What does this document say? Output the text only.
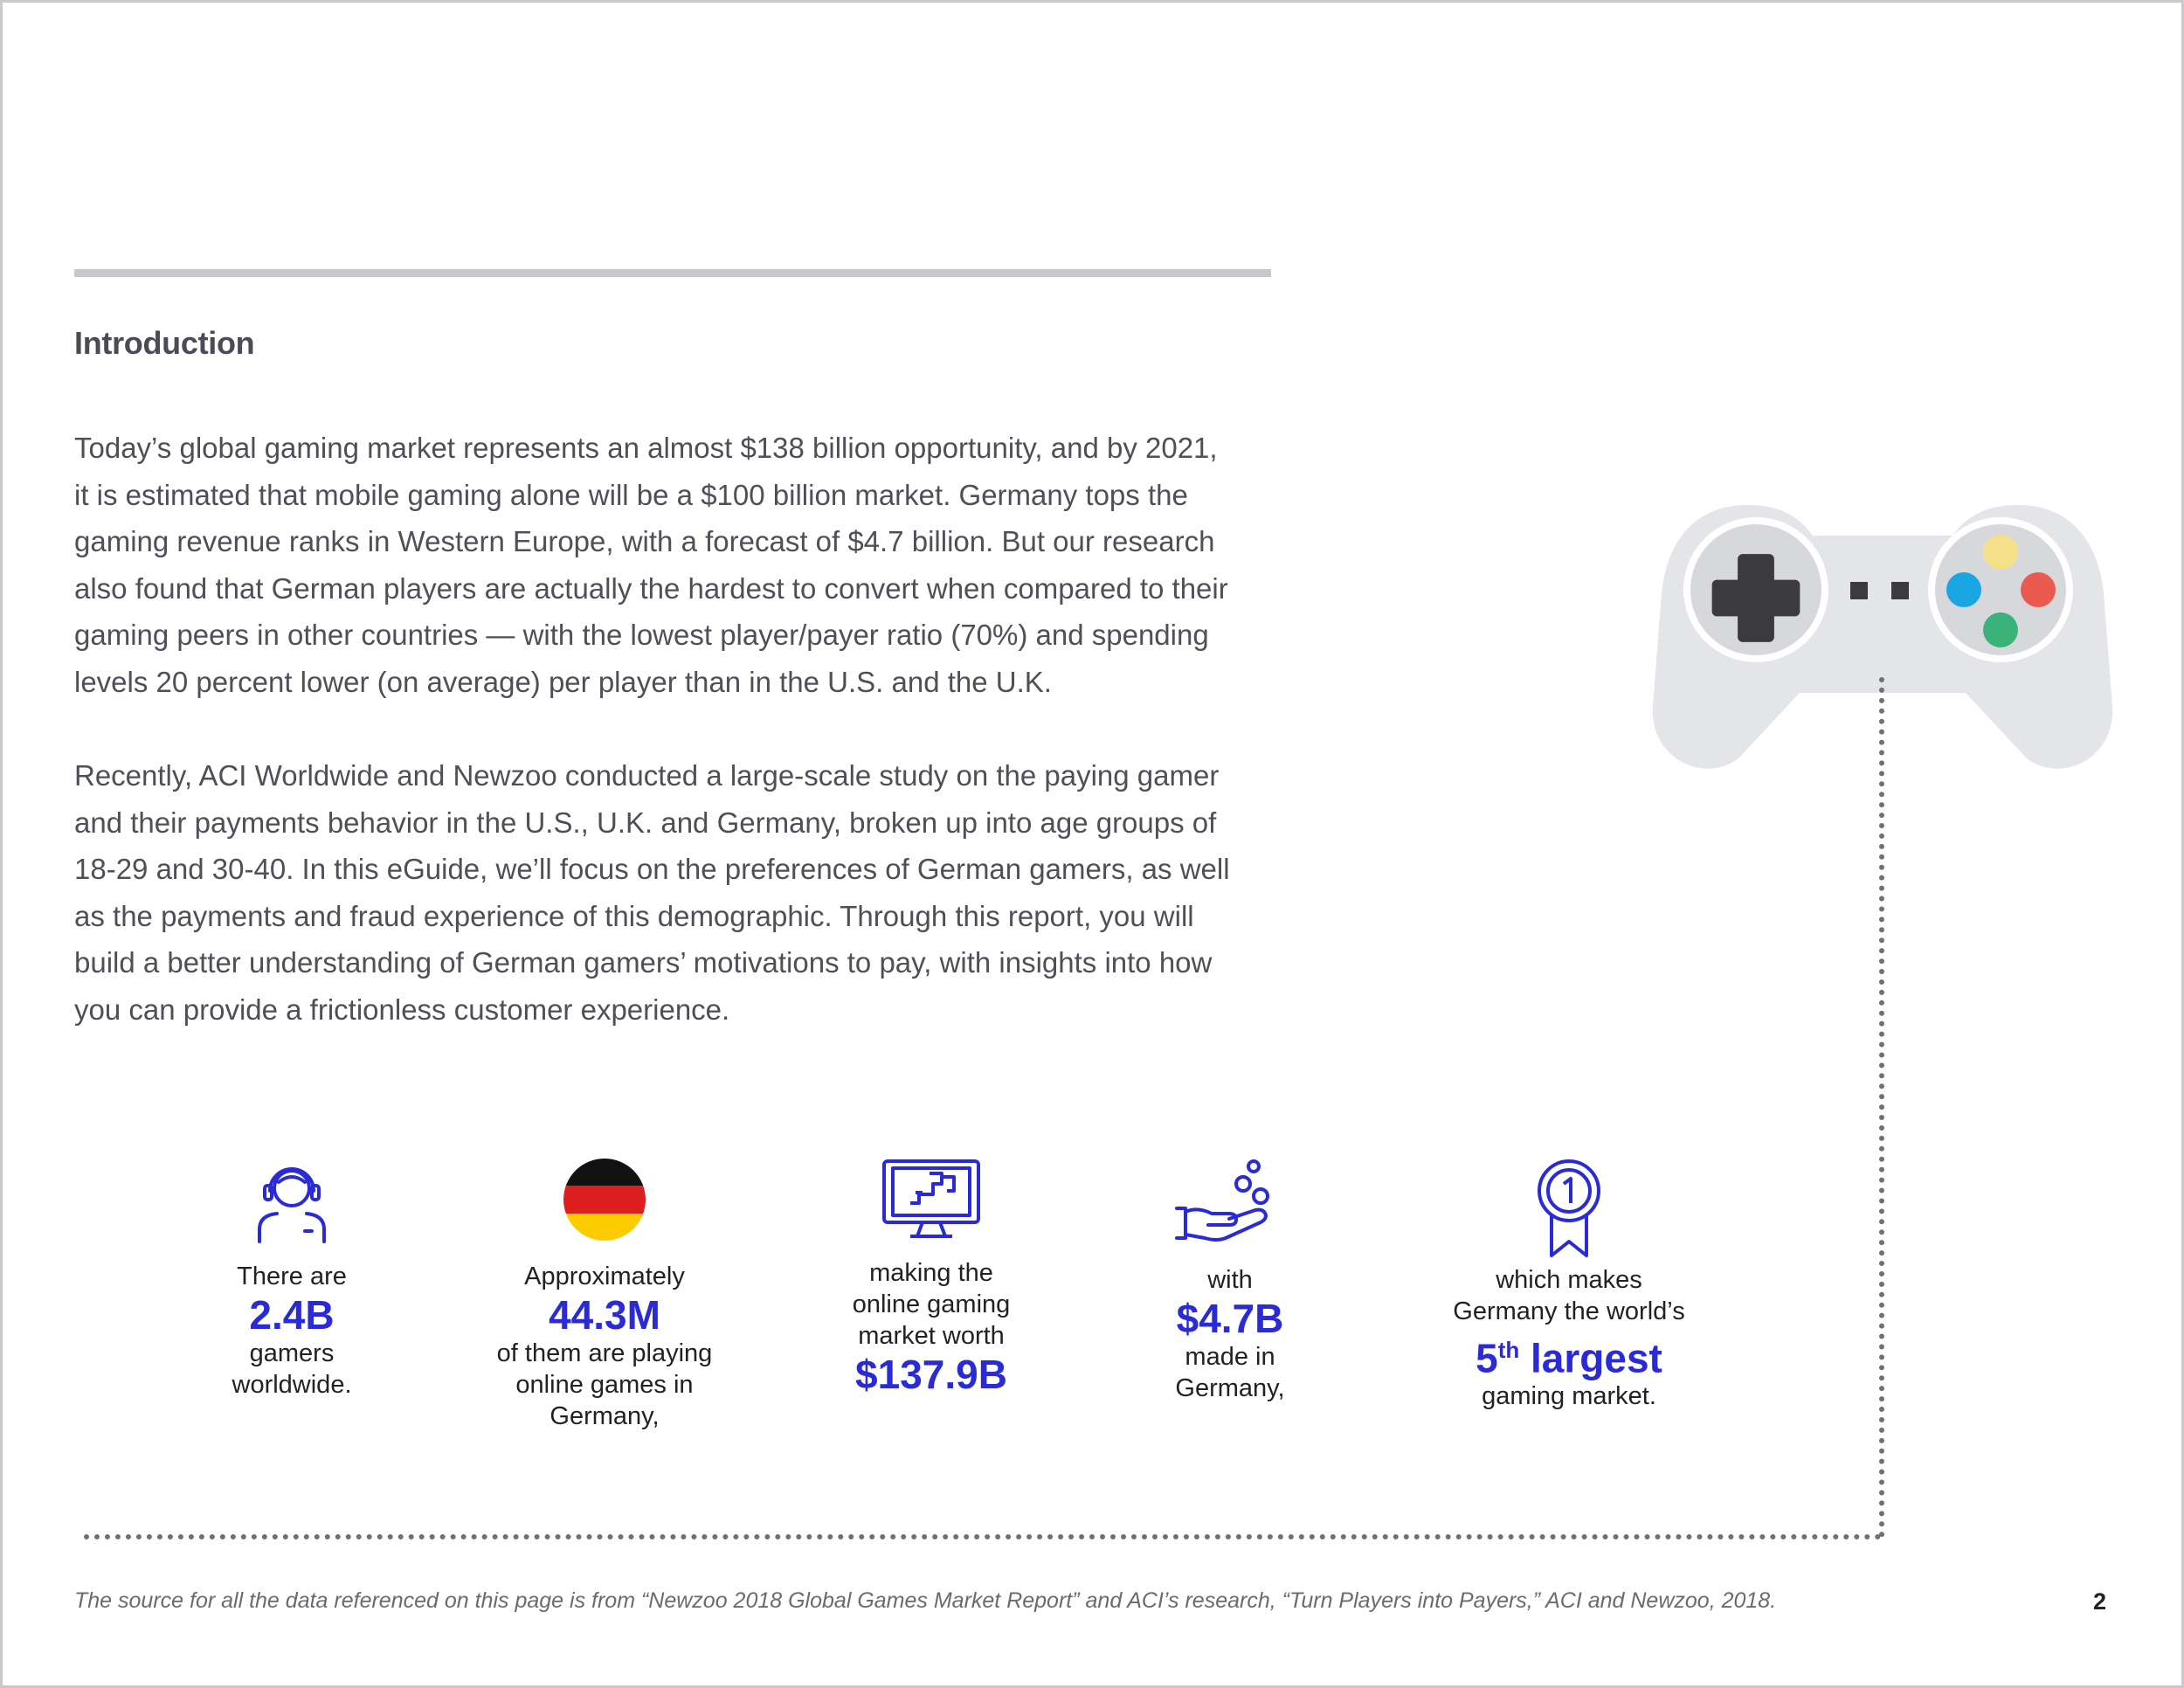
Introduction

Today’s global gaming market represents an almost $138 billion opportunity, and by 2021,
it is estimated that mobile gaming alone will be a $100 billion market. Germany tops the
gaming revenue ranks in Western Europe, with a forecast of $4.7 billion. But our research
also found that German players are actually the hardest to convert when compared to their
gaming peers in other countries — with the lowest player/payer ratio (70%) and spending
levels 20 percent lower (on average) per player than in the U.S. and the U.K.

Recently, ACI Worldwide and Newzoo conducted a large-scale study on the paying gamer
and their payments behavior in the U.S., U.K. and Germany, broken up into age groups of
18-29 and 30-40. In this eGuide, we’ll focus on the preferences of German gamers, as well
as the payments and fraud experience of this demographic. Through this report, you will
build a better understanding of German gamers’ motivations to pay, with insights into how
you can provide a frictionless customer experience.

There are
2.4B
gamers
worldwide.
Approximately
44.3M
of them are playing
online games in
Germany,
making the
online gaming
market worth
$137.9B
with
$4.7B
made in
Germany,
which makes
Germany the world’s
5th largest
gaming market.
The source for all the data referenced on this page is from “Newzoo 2018 Global Games Market Report” and ACI’s research, “Turn Players into Payers,” ACI and Newzoo, 2018.	2
